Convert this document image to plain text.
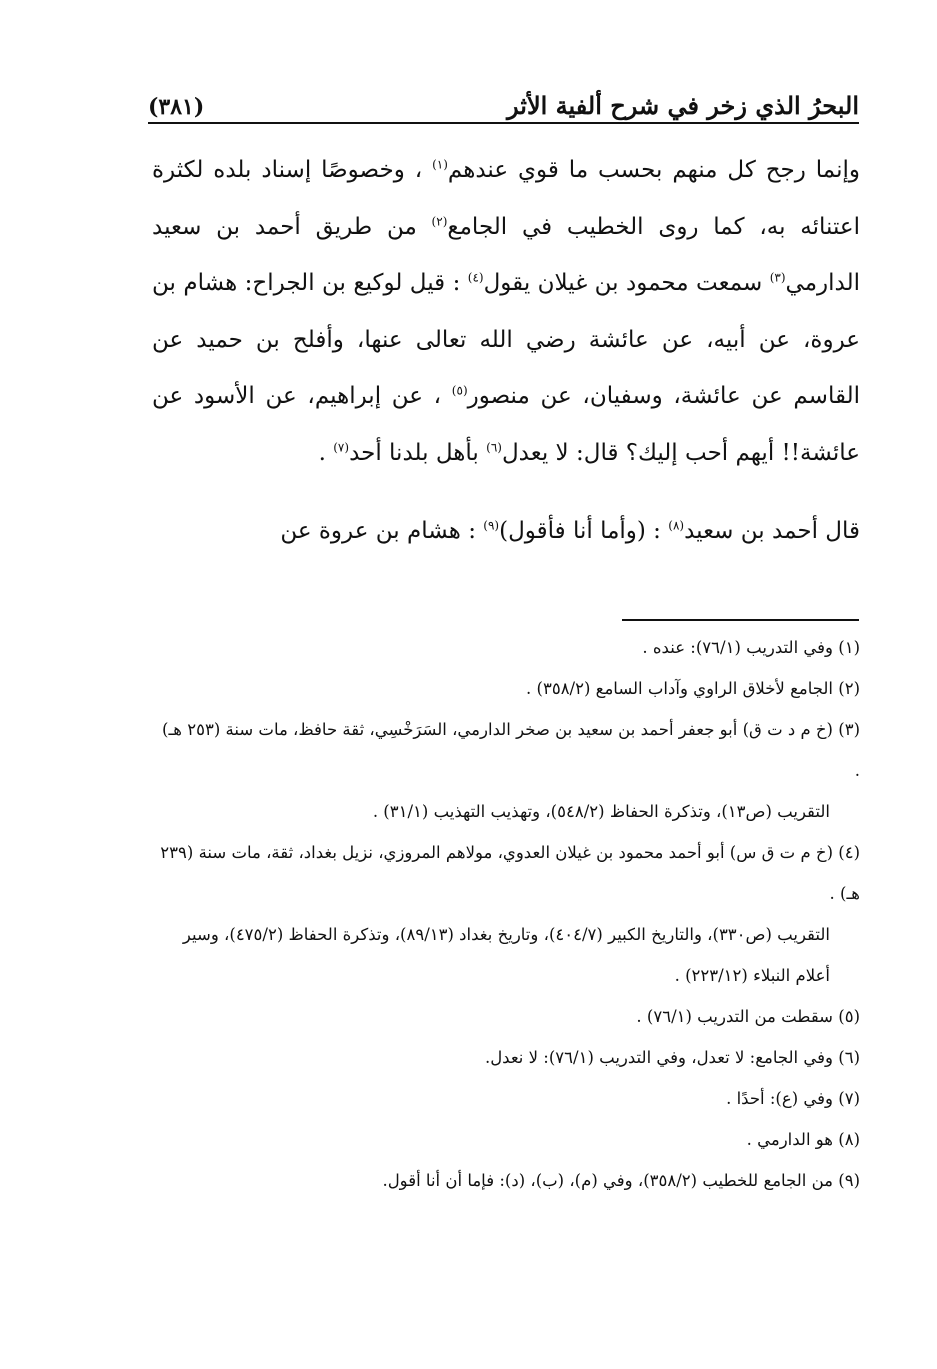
البحرُ الذي زخر في شرح ألفية الأثر
(٣٨١)

وإنما رجح كل منهم بحسب ما قوي عندهم$^{(١)}$ ، وخصوصًا إسناد بلده لكثرة اعتنائه به، كما روى الخطيب في الجامع$^{(٢)}$ من طريق أحمد بن سعيد الدارمي$^{(٣)}$ سمعت محمود بن غيلان يقول$^{(٤)}$ : قيل لوكيع بن الجراح: هشام بن عروة، عن أبيه، عن عائشة رضي الله تعالى عنها، وأفلح بن حميد عن القاسم عن عائشة، وسفيان، عن منصور$^{(٥)}$ ، عن إبراهيم، عن الأسود عن عائشة!! أيهم أحب إليك؟ قال: لا يعدل$^{(٦)}$ بأهل بلدنا أحد$^{(٧)}$ .

قال أحمد بن سعيد$^{(٨)}$ : (وأما أنا فأقول)$^{(٩)}$ : هشام بن عروة عن

(١) وفي التدريب (٧٦/١): عنده .

(٢) الجامع لأخلاق الراوي وآداب السامع (٣٥٨/٢) .

(٣) (خ م د ت ق) أبو جعفر أحمد بن سعيد بن صخر الدارمي، السَرَخْسِي، ثقة حافظ، مات سنة (٢٥٣ هـ) .

التقريب (ص١٣)، وتذكرة الحفاظ (٥٤٨/٢)، وتهذيب التهذيب (٣١/١) .

(٤) (خ م ت ق س) أبو أحمد محمود بن غيلان العدوي، مولاهم المروزي، نزيل بغداد، ثقة، مات سنة (٢٣٩ هـ) .

التقريب (ص٣٣٠)، والتاريخ الكبير (٤٠٤/٧)، وتاريخ بغداد (٨٩/١٣)، وتذكرة الحفاظ (٤٧٥/٢)، وسير أعلام النبلاء (٢٢٣/١٢) .

(٥) سقطت من التدريب (٧٦/١) .

(٦) وفي الجامع: لا تعدل، وفي التدريب (٧٦/١): لا نعدل.

(٧) وفي (ع): أحدًا .

(٨) هو الدارمي .

(٩) من الجامع للخطيب (٣٥٨/٢)، وفي (م)، (ب)، (د): فإما أن أنا أقول.
